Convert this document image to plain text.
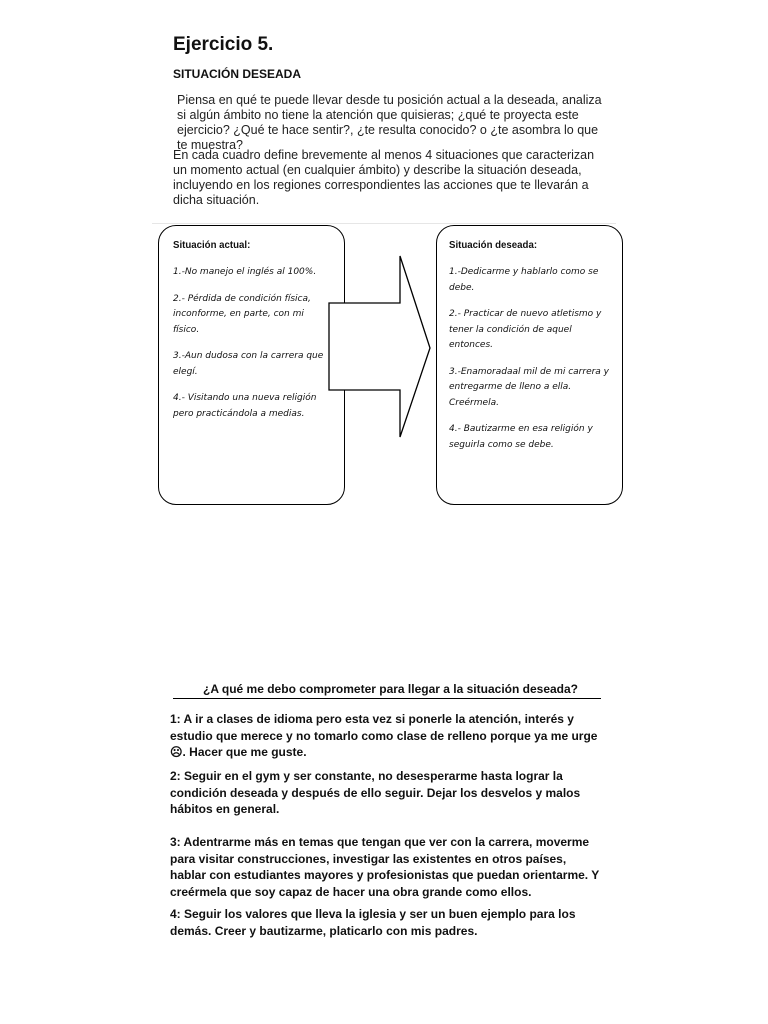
Ejercicio 5.
SITUACIÓN DESEADA
Piensa en qué te puede llevar desde tu posición actual a la deseada, analiza si algún ámbito no tiene la atención que quisieras; ¿qué te proyecta este ejercicio? ¿Qué te hace sentir?, ¿te resulta conocido? o ¿te asombra lo que te muestra?
En cada cuadro define brevemente al menos 4 situaciones que caracterizan un momento actual (en cualquier ámbito) y describe la situación deseada, incluyendo en los regiones correspondientes las acciones que te llevarán a dicha situación.
Situación actual:
1.-No manejo el inglés al 100%.
2.- Pérdida de condición física, inconforme, en parte, con mi físico.
3.-Aun dudosa con la carrera que elegí.
4.- Visitando una nueva religión pero practicándola a medias.
Situación deseada:
1.-Dedicarme y hablarlo como se debe.
2.- Practicar de nuevo atletismo y tener la condición de aquel entonces.
3.-Enamoradaal mil de mi carrera y entregarme de lleno a ella. Creérmela.
4.- Bautizarme en esa religión y seguirla como se debe.
¿A qué me debo comprometer para llegar a la situación deseada?
1: A ir a clases de idioma pero esta vez si ponerle la atención, interés y estudio que merece y no tomarlo como clase de relleno porque ya me urge ☹. Hacer que me guste.
2: Seguir en el gym y ser constante, no desesperarme hasta lograr la condición deseada y después de ello seguir. Dejar los desvelos y malos hábitos en general.
3: Adentrarme más en temas que tengan que ver con la carrera, moverme para visitar construcciones, investigar las existentes en otros países, hablar con estudiantes mayores y profesionistas que puedan orientarme. Y creérmela que soy capaz de hacer una obra grande como ellos.
4: Seguir los valores que lleva la iglesia y ser un buen ejemplo para los demás. Creer y bautizarme, platicarlo con mis padres.
